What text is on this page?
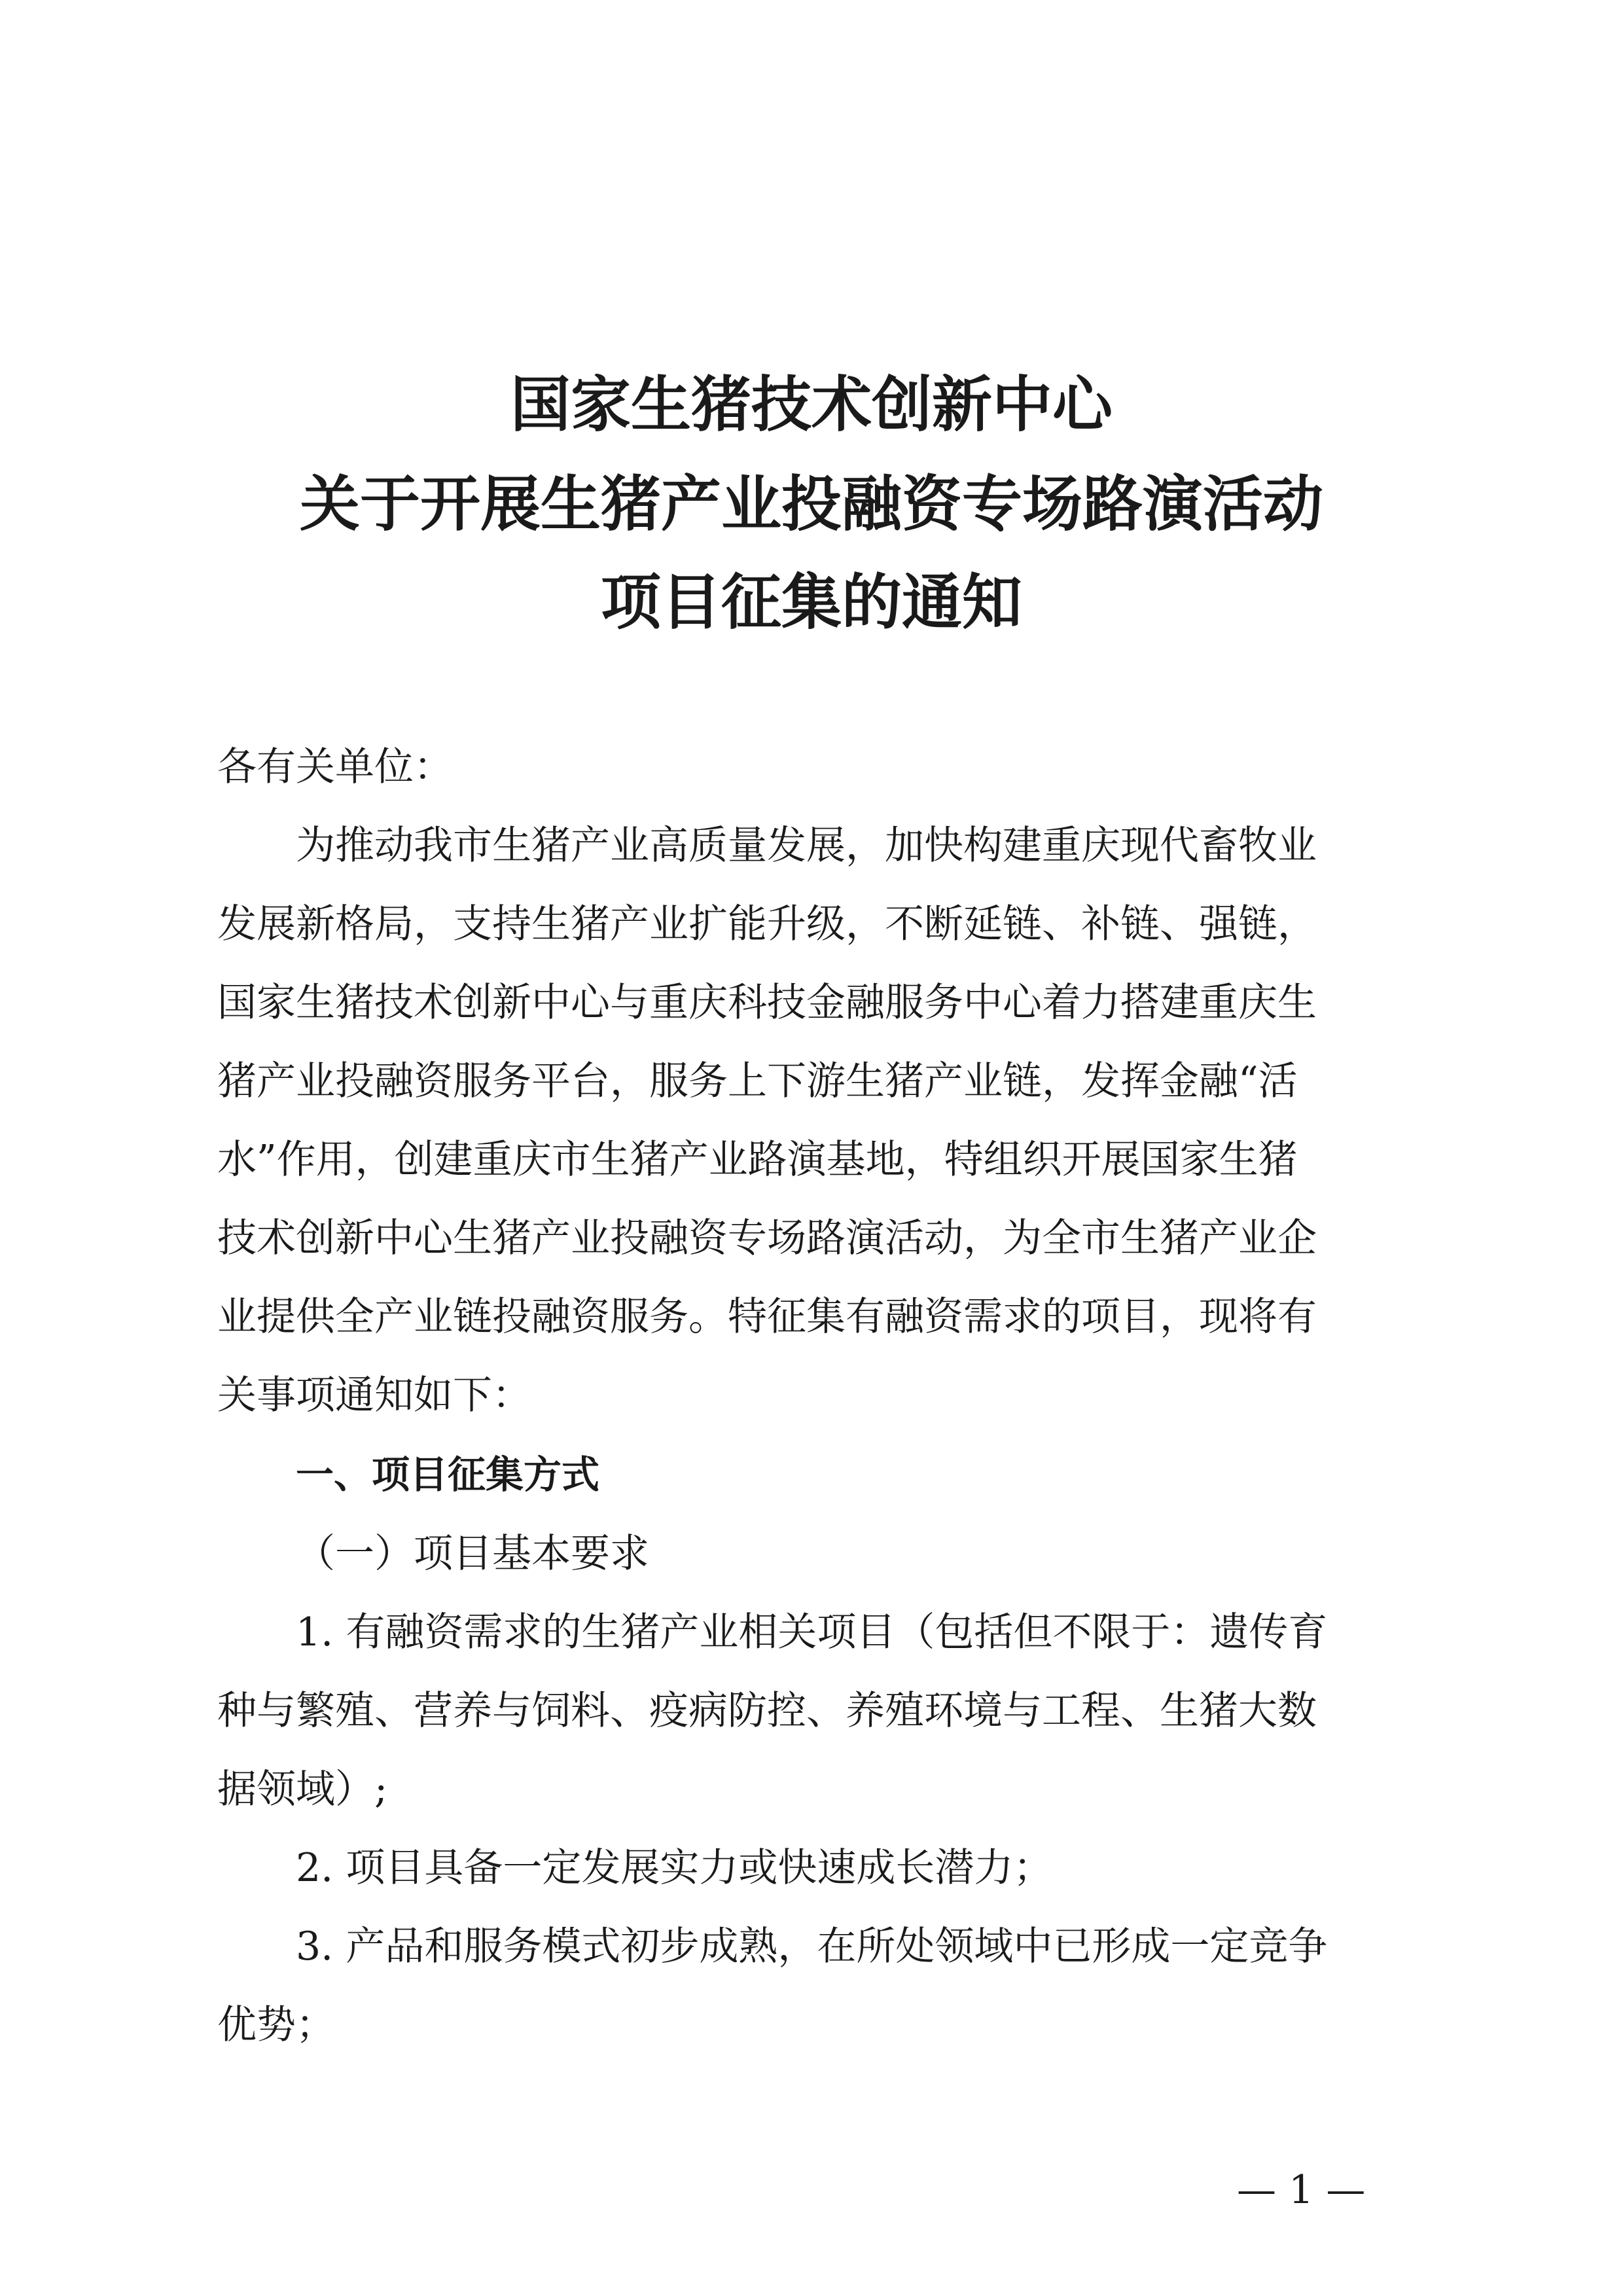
国家生猪技术创新中心
关于开展生猪产业投融资专场路演活动
项目征集的通知
各有关单位：
为推动我市生猪产业高质量发展，加快构建重庆现代畜牧业
发展新格局，支持生猪产业扩能升级，不断延链、补链、强链，
国家生猪技术创新中心与重庆科技金融服务中心着力搭建重庆生
猪产业投融资服务平台，服务上下游生猪产业链，发挥金融“活
水”作用，创建重庆市生猪产业路演基地，特组织开展国家生猪
技术创新中心生猪产业投融资专场路演活动，为全市生猪产业企
业提供全产业链投融资服务。特征集有融资需求的项目，现将有
关事项通知如下：
一、项目征集方式
（一）项目基本要求
1. 有融资需求的生猪产业相关项目（包括但不限于：遗传育
种与繁殖、营养与饲料、疫病防控、养殖环境与工程、生猪大数
据领域）;
2. 项目具备一定发展实力或快速成长潜力；
3. 产品和服务模式初步成熟，在所处领域中已形成一定竞争
优势；
— 1 —
